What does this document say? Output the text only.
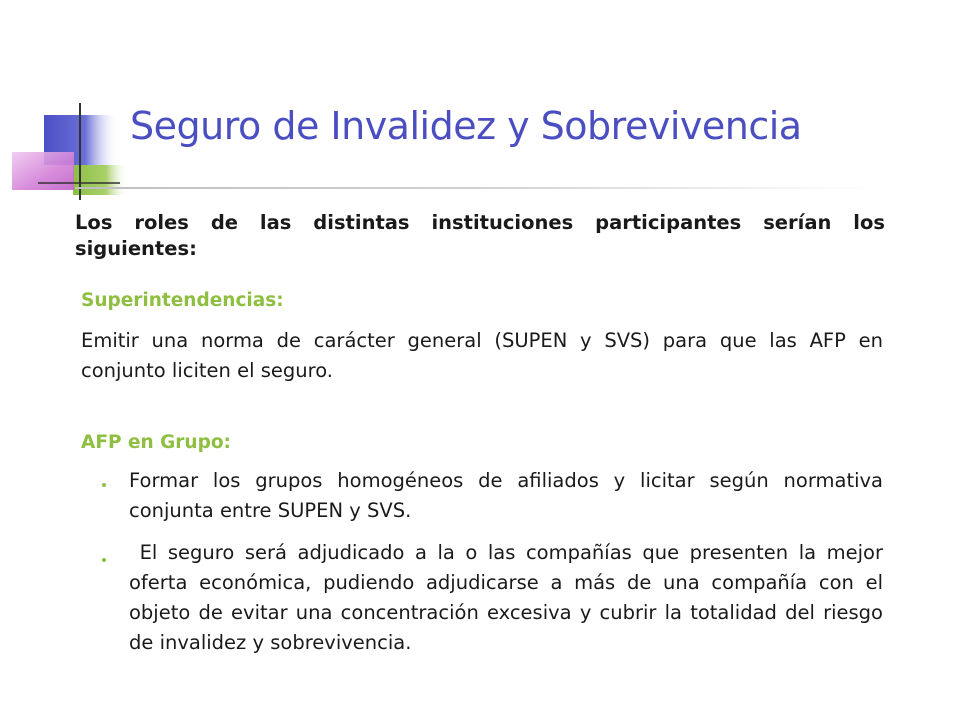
Seguro de Invalidez y Sobrevivencia
Los roles de las distintas instituciones participantes serían los siguientes:
Superintendencias:
Emitir una norma de carácter general (SUPEN y SVS) para que las AFP en conjunto liciten el seguro.
AFP en Grupo:
Formar los grupos homogéneos de afiliados y licitar según normativa conjunta entre SUPEN y SVS.
El seguro será adjudicado a la o las compañías que presenten la mejor oferta económica, pudiendo adjudicarse a más de una compañía con el objeto de evitar una concentración excesiva y cubrir la totalidad del riesgo de invalidez y sobrevivencia.
